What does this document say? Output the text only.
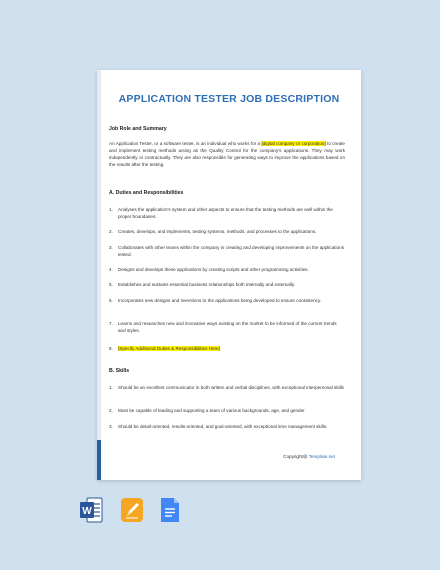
APPLICATION TESTER JOB DESCRIPTION
Job Role and Summary
An Application Tester, or a software tester, is an individual who works for a [digital company or corporation] to create and implement testing methods acting as the Quality Control for the company's applications. They may work independently or contractually. They are also responsible for generating ways to improve the applications based on the results after the testing.
A. Duties and Responsibilities
1. Analyses the application's system and other aspects to ensure that the testing methods are well within the proper boundaries.
2. Creates, develops, and implements, testing systems, methods, and processes to the applications.
3. Collaborates with other teams within the company in creating and developing improvements on the applications tested.
4. Designs and develops these applications by creating scripts and other programming activities.
5. Establishes and sustains essential business relationships both internally and externally.
6. Incorporates new designs and inventions to the applications being developed to ensure consistency.
7. Learns and researches new and innovative ways existing on the market to be informed of the current trends and styles.
8. [Specify Additional Duties & Responsibilities Here]
B. Skills
1. Should be an excellent communicator in both written and verbal disciplines, with exceptional interpersonal skills
2. Must be capable of leading and supporting a team of various backgrounds, age, and gender
3. Should be detail-oriented, results-oriented, and goal-oriented, with exceptional time management skills.
Copyright@ Template.net
W
